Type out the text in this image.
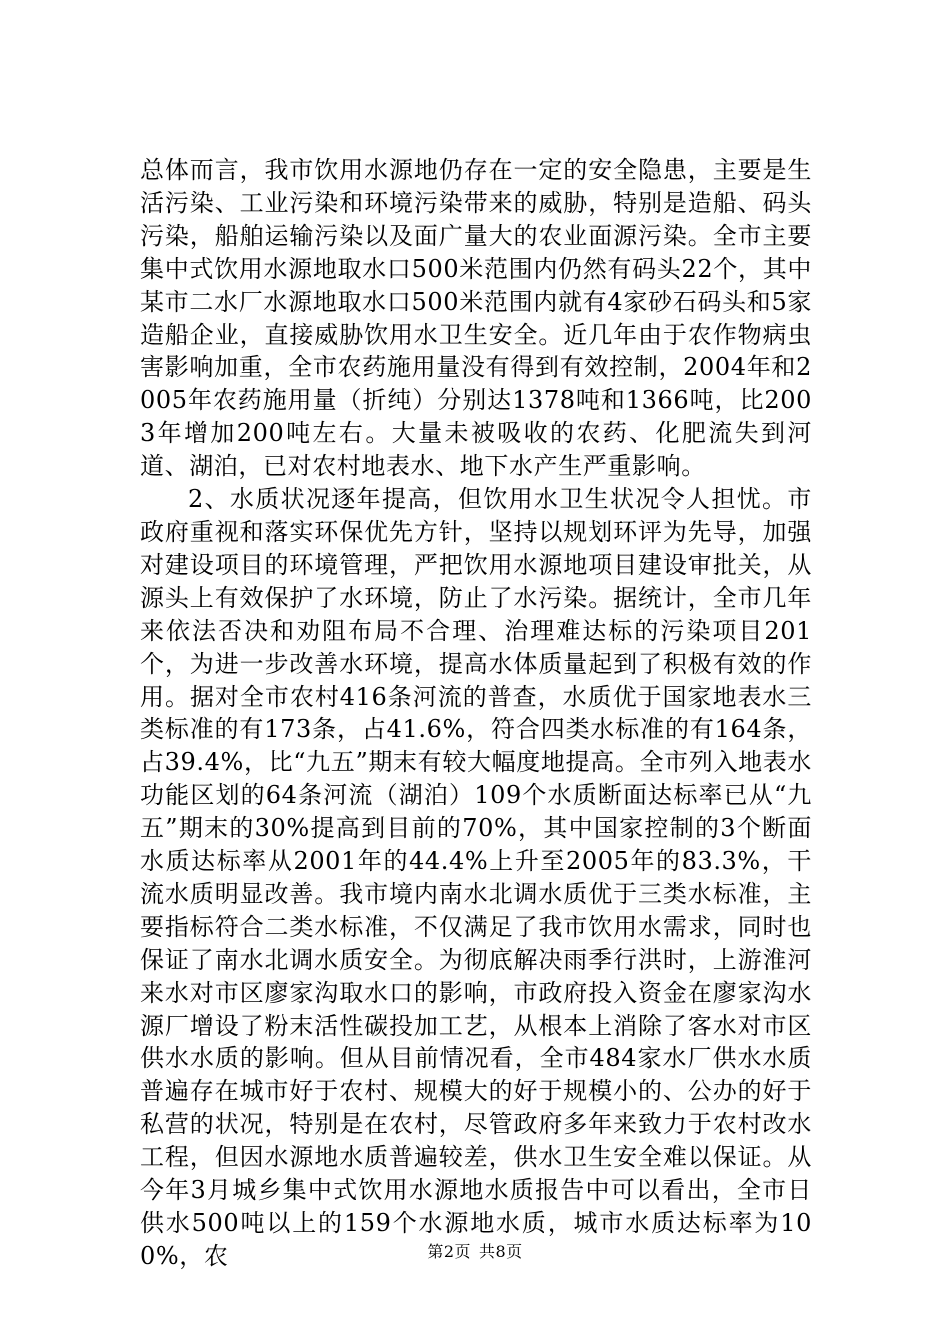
总体而言，我市饮用水源地仍存在一定的安全隐患，主要是生活污染、工业污染和环境污染带来的威胁，特别是造船、码头污染，船舶运输污染以及面广量大的农业面源污染。全市主要集中式饮用水源地取水口500米范围内仍然有码头22个，其中某市二水厂水源地取水口500米范围内就有4家砂石码头和5家造船企业，直接威胁饮用水卫生安全。近几年由于农作物病虫害影响加重，全市农药施用量没有得到有效控制，2004年和2005年农药施用量（折纯）分别达1378吨和1366吨，比2003年增加200吨左右。大量未被吸收的农药、化肥流失到河道、湖泊，已对农村地表水、地下水产生严重影响。

2、水质状况逐年提高，但饮用水卫生状况令人担忧。市政府重视和落实环保优先方针，坚持以规划环评为先导，加强对建设项目的环境管理，严把饮用水源地项目建设审批关，从源头上有效保护了水环境，防止了水污染。据统计，全市几年来依法否决和劝阻布局不合理、治理难达标的污染项目201个，为进一步改善水环境，提高水体质量起到了积极有效的作用。据对全市农村416条河流的普查，水质优于国家地表水三类标准的有173条，占41.6%，符合四类水标准的有164条，占39.4%，比“九五”期末有较大幅度地提高。全市列入地表水功能区划的64条河流（湖泊）109个水质断面达标率已从“九五”期末的30%提高到目前的70%，其中国家控制的3个断面水质达标率从2001年的44.4%上升至2005年的83.3%，干流水质明显改善。我市境内南水北调水质优于三类水标准，主要指标符合二类水标准，不仅满足了我市饮用水需求，同时也保证了南水北调水质安全。为彻底解决雨季行洪时，上游淮河来水对市区廖家沟取水口的影响，市政府投入资金在廖家沟水源厂增设了粉末活性碳投加工艺，从根本上消除了客水对市区供水水质的影响。但从目前情况看，全市484家水厂供水水质普遍存在城市好于农村、规模大的好于规模小的、公办的好于私营的状况，特别是在农村，尽管政府多年来致力于农村改水工程，但因水源地水质普遍较差，供水卫生安全难以保证。从今年3月城乡集中式饮用水源地水质报告中可以看出，全市日供水500吨以上的159个水源地水质，城市水质达标率为100%，农	第2页 共8页
